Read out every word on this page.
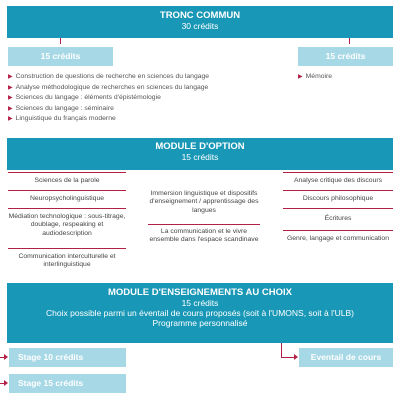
TRONC COMMUN
30 crédits
15 crédits	15 crédits
▶ Construction de questions de recherche en sciences du langage
▶ Analyse méthodologique de recherches en sciences du langage
▶ Sciences du langage : éléments d'épistémologie
▶ Sciences du langage : séminaire
▶ Linguistique du français moderne
▶ Mémoire
MODULE D'OPTION
15 crédits
Sciences de la parole
Neuropsycholinguistique
Médiation technologique : sous-titrage, doublage, respeaking et audiodescription
Communication interculturelle et interlinguistique
Immersion linguistique et dispositifs d'enseignement / apprentissage des langues
La communication et le vivre ensemble dans l'espace scandinave
Analyse critique des discours
Discours philosophique
Écritures
Genre, langage et communication
MODULE D'ENSEIGNEMENTS AU CHOIX
15 crédits
Choix possible parmi un éventail de cours proposés (soit à l'UMONS, soit à l'ULB)
Programme personnalisé
Stage 10 crédits
Stage 15 crédits
Eventail de cours
